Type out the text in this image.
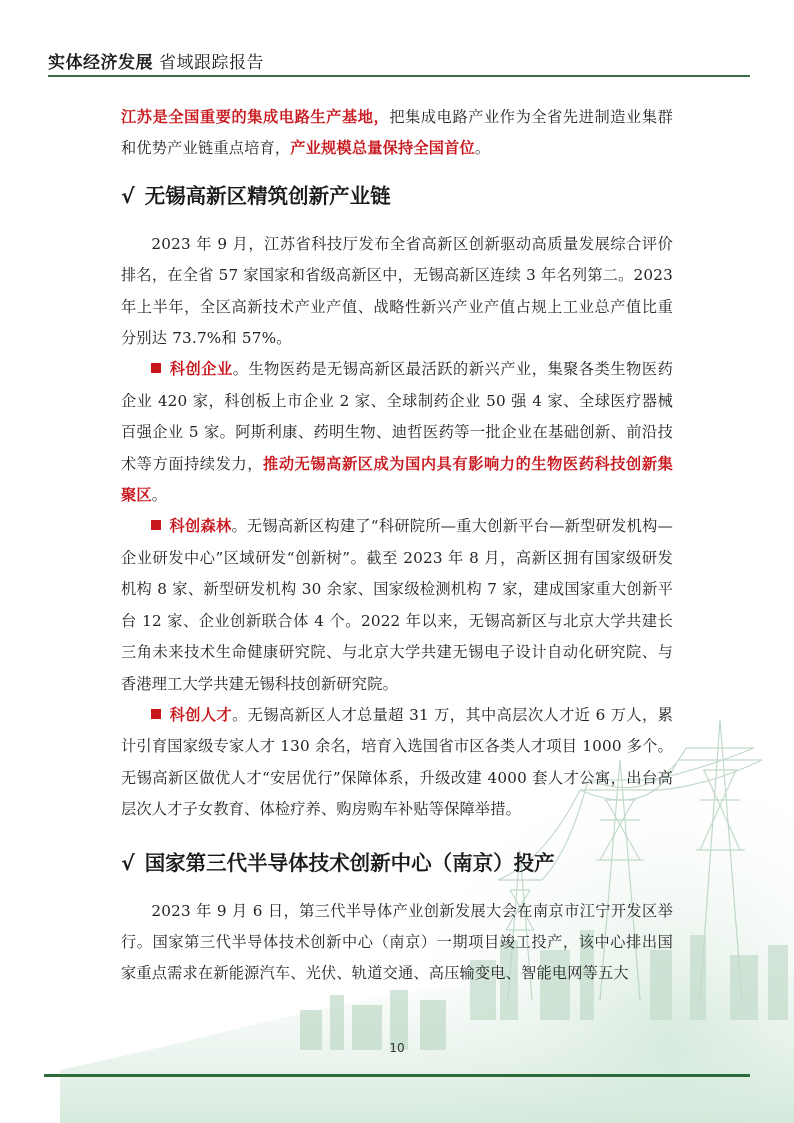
实体经济发展 省域跟踪报告

江苏是全国重要的集成电路生产基地，把集成电路产业作为全省先进制造业集群和优势产业链重点培育，产业规模总量保持全国首位。

√ 无锡高新区精筑创新产业链

2023 年 9 月，江苏省科技厅发布全省高新区创新驱动高质量发展综合评价排名，在全省 57 家国家和省级高新区中，无锡高新区连续 3 年名列第二。2023 年上半年，全区高新技术产业产值、战略性新兴产业产值占规上工业总产值比重分别达 73.7%和 57%。

科创企业。生物医药是无锡高新区最活跃的新兴产业，集聚各类生物医药企业 420 家，科创板上市企业 2 家、全球制药企业 50 强 4 家、全球医疗器械百强企业 5 家。阿斯利康、药明生物、迪哲医药等一批企业在基础创新、前沿技术等方面持续发力，推动无锡高新区成为国内具有影响力的生物医药科技创新集聚区。

科创森林。无锡高新区构建了“科研院所—重大创新平台—新型研发机构—企业研发中心”区域研发“创新树”。截至 2023 年 8 月，高新区拥有国家级研发机构 8 家、新型研发机构 30 余家、国家级检测机构 7 家，建成国家重大创新平台 12 家、企业创新联合体 4 个。2022 年以来，无锡高新区与北京大学共建长三角未来技术生命健康研究院、与北京大学共建无锡电子设计自动化研究院、与香港理工大学共建无锡科技创新研究院。

科创人才。无锡高新区人才总量超 31 万，其中高层次人才近 6 万人，累计引育国家级专家人才 130 余名，培育入选国省市区各类人才项目 1000 多个。无锡高新区做优人才“安居优行”保障体系，升级改建 4000 套人才公寓，出台高层次人才子女教育、体检疗养、购房购车补贴等保障举措。

√ 国家第三代半导体技术创新中心（南京）投产

2023 年 9 月 6 日，第三代半导体产业创新发展大会在南京市江宁开发区举行。国家第三代半导体技术创新中心（南京）一期项目竣工投产，该中心排出国家重点需求在新能源汽车、光伏、轨道交通、高压输变电、智能电网等五大

10
